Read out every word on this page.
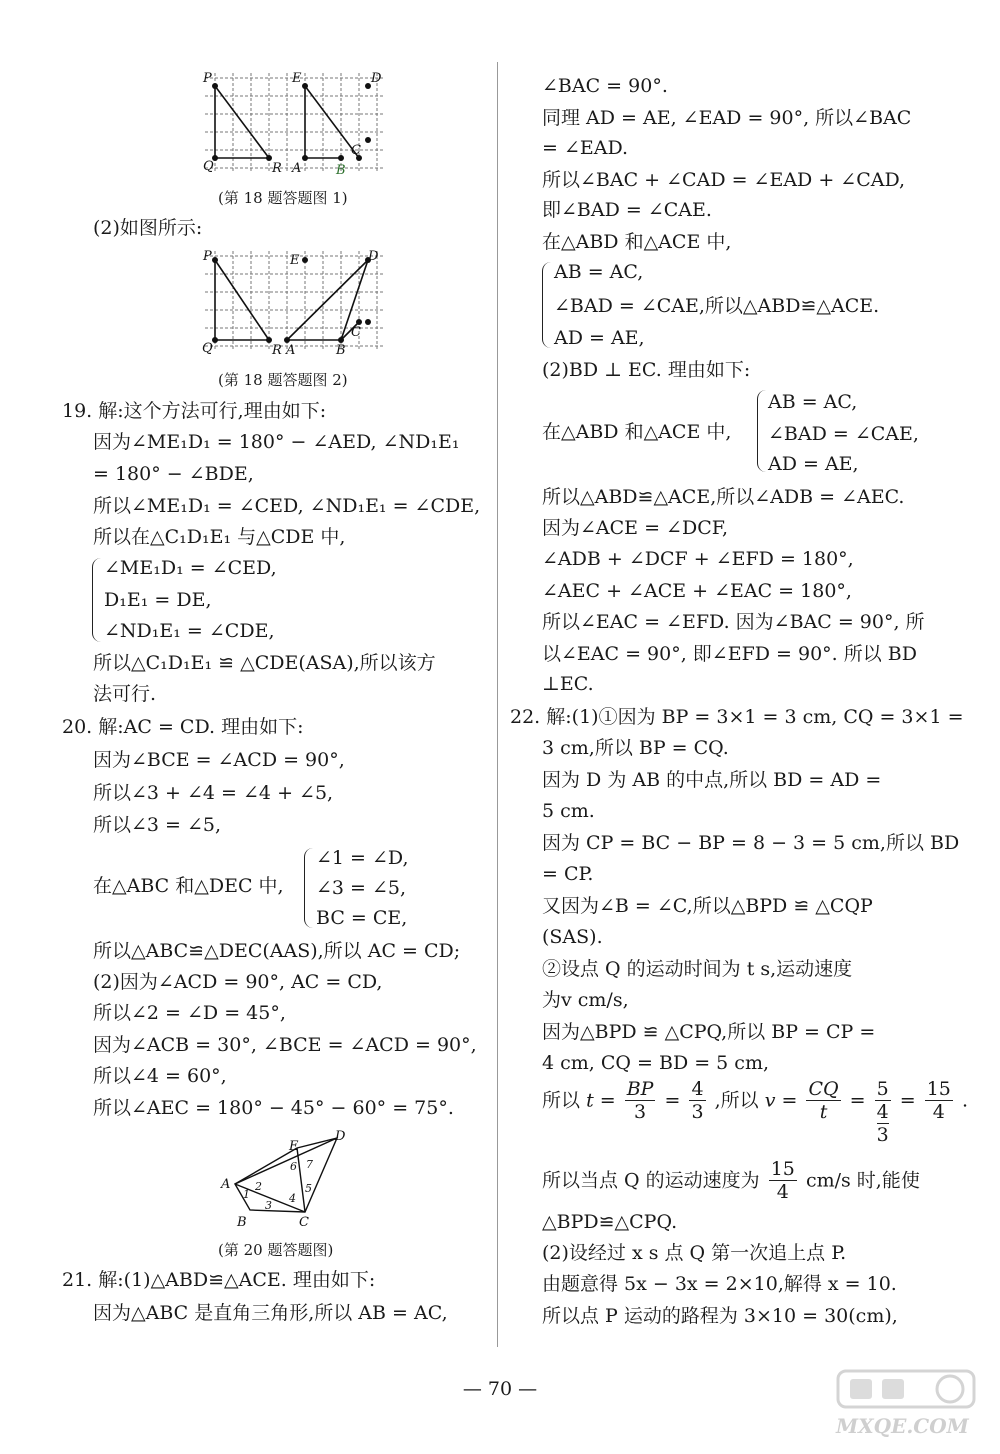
P	E	D
Q	R A	B
C
(第 18 题答题图 1)
(2)如图所示:
P	E	D
Q	R A	B
C
(第 18 题答题图 2)
19. 解:这个方法可行,理由如下:
因为∠ME₁D₁ = 180° − ∠AED, ∠ND₁E₁
= 180° − ∠BDE,
所以∠ME₁D₁ = ∠CED, ∠ND₁E₁ = ∠CDE,
所以在△C₁D₁E₁ 与△CDE 中,
∠ME₁D₁ = ∠CED,
D₁E₁ = DE,
∠ND₁E₁ = ∠CDE,
所以△C₁D₁E₁ ≌ △CDE(ASA),所以该方
法可行.
20. 解:AC = CD. 理由如下:
因为∠BCE = ∠ACD = 90°,
所以∠3 + ∠4 = ∠4 + ∠5,
所以∠3 = ∠5,
在△ABC 和△DEC 中,
∠1 = ∠D,
∠3 = ∠5,
BC = CE,
所以△ABC≌△DEC(AAS),所以 AC = CD;
(2)因为∠ACD = 90°, AC = CD,
所以∠2 = ∠D = 45°,
因为∠ACB = 30°, ∠BCE = ∠ACD = 90°,
所以∠4 = 60°,
所以∠AEC = 180° − 45° − 60° = 75°.
A
B	C
D
E
1
2
3
4
5
6 7
(第 20 题答题图)
21. 解:(1)△ABD≌△ACE. 理由如下:
因为△ABC 是直角三角形,所以 AB = AC,
∠BAC = 90°.
同理 AD = AE, ∠EAD = 90°, 所以∠BAC
= ∠EAD.
所以∠BAC + ∠CAD = ∠EAD + ∠CAD,
即∠BAD = ∠CAE.
在△ABD 和△ACE 中,
AB = AC,
∠BAD = ∠CAE,所以△ABD≌△ACE.
AD = AE,
(2)BD ⊥ EC. 理由如下:
在△ABD 和△ACE 中,
AB = AC,
∠BAD = ∠CAE,
AD = AE,
所以△ABD≌△ACE,所以∠ADB = ∠AEC.
因为∠ACE = ∠DCF,
∠ADB + ∠DCF + ∠EFD = 180°,
∠AEC + ∠ACE + ∠EAC = 180°,
所以∠EAC = ∠EFD. 因为∠BAC = 90°, 所
以∠EAC = 90°, 即∠EFD = 90°. 所以 BD
⊥EC.
22. 解:(1)①因为 BP = 3×1 = 3 cm, CQ = 3×1 =
3 cm,所以 BP = CQ.
因为 D 为 AB 的中点,所以 BD = AD =
5 cm.
因为 CP = BC − BP = 8 − 3 = 5 cm,所以 BD
= CP.
又因为∠B = ∠C,所以△BPD ≌ △CQP
(SAS).
②设点 Q 的运动时间为 t s,运动速度
为v cm/s,
因为△BPD ≌ △CPQ,所以 BP = CP =
4 cm, CQ = BD = 5 cm,
所以 $t = \frac{BP}{3} = \frac{4}{3}$ ,所以 $v = \frac{CQ}{t} = 5$
4
$3 = \frac{15}{4}$ .
所以当点 Q 的运动速度为 $\frac{15}{4} cm/s$ 时,能使
△BPD≌△CPQ.
(2)设经过 x s 点 Q 第一次追上点 P.
由题意得 5x − 3x = 2×10,解得 x = 10.
所以点 P 运动的路程为 3×10 = 30(cm),
— 70 —
MXQE.COM
